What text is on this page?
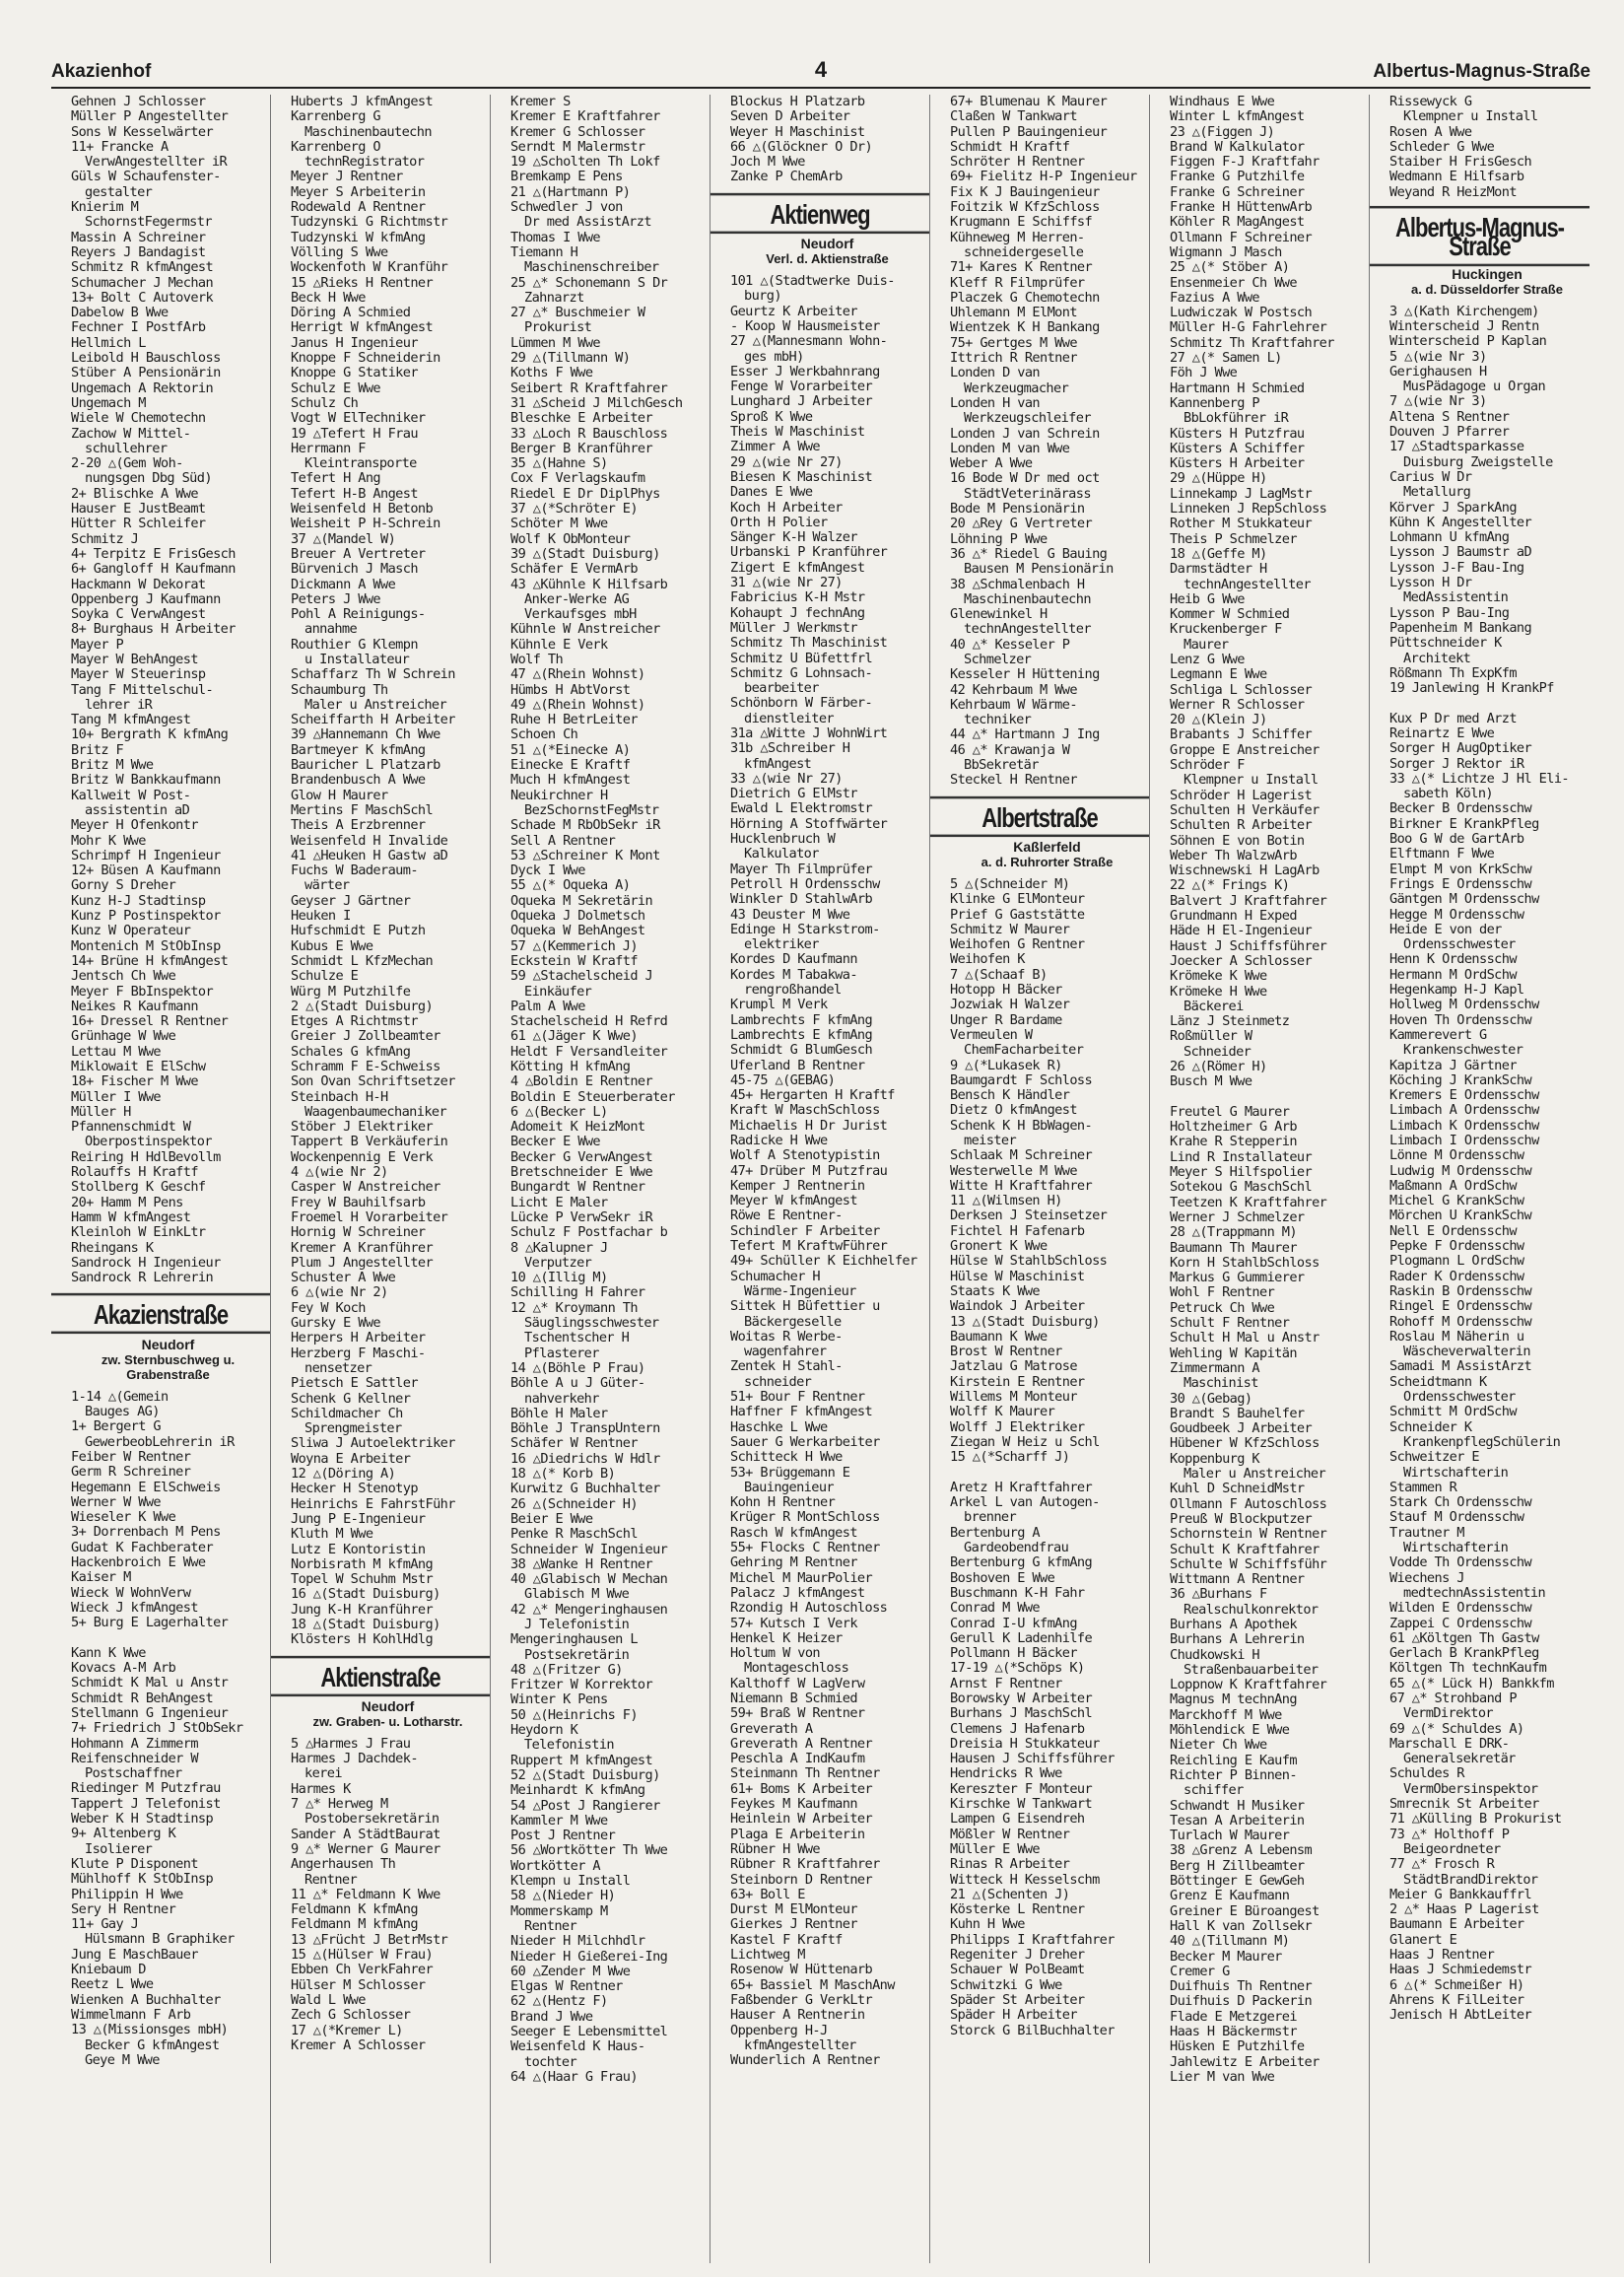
Akazienhof	4	Albertus-Magnus-Straße
Gehnen J Schlosser
Müller P Angestellter
Sons W Kesselwärter
11+ Francke A
VerwAngestellter iR
Güls W Schaufenster-
gestalter
Knierim M
SchornstFegermstr
Massin A Schreiner
Reyers J Bandagist
Schmitz R kfmAngest
Schumacher J Mechan
13+ Bolt C Autoverk
Dabelow B Wwe
Fechner I PostfArb
Hellmich L
Leibold H Bauschloss
Stüber A Pensionärin
Ungemach A Rektorin
Ungemach M
Wiele W Chemotechn
Zachow W Mittel-
schullehrer
2-20 △(Gem Woh-
nungsgen Dbg Süd)
2+ Blischke A Wwe
Hauser E JustBeamt
Hütter R Schleifer
Schmitz J
4+ Terpitz E FrisGesch
6+ Gangloff H Kaufmann
Hackmann W Dekorat
Oppenberg J Kaufmann
Soyka C VerwAngest
8+ Burghaus H Arbeiter
Mayer P
Mayer W BehAngest
Mayer W Steuerinsp
Tang F Mittelschul-
lehrer iR
Tang M kfmAngest
10+ Bergrath K kfmAng
Britz F
Britz M Wwe
Britz W Bankkaufmann
Kallweit W Post-
assistentin aD
Meyer H Ofenkontr
Mohr K Wwe
Schrimpf H Ingenieur
12+ Büsen A Kaufmann
Gorny S Dreher
Kunz H-J Stadtinsp
Kunz P Postinspektor
Kunz W Operateur
Montenich M StObInsp
14+ Brüne H kfmAngest
Jentsch Ch Wwe
Meyer F BbInspektor
Neikes R Kaufmann
16+ Dressel R Rentner
Grünhage W Wwe
Lettau M Wwe
Miklowait E ElSchw
18+ Fischer M Wwe
Müller I Wwe
Müller H
Pfannenschmidt W
Oberpostinspektor
Reiring H HdlBevollm
Rolauffs H Kraftf
Stollberg K Geschf
20+ Hamm M Pens
Hamm W kfmAngest
Kleinloh W EinkLtr
Rheingans K
Sandrock H Ingenieur
Sandrock R Lehrerin
Akazienstraße
Neudorf
zw. Sternbuschweg u. Grabenstraße
1-14 △(Gemein
Bauges AG)
1+ Bergert G
GewerbeobLehrerin iR
Feiber W Rentner
Germ R Schreiner
Hegemann E ElSchweis
Werner W Wwe
Wieseler K Wwe
3+ Dorrenbach M Pens
Gudat K Fachberater
Hackenbroich E Wwe
Kaiser M
Wieck W WohnVerw
Wieck J kfmAngest
5+ Burg E Lagerhalter

Kann K Wwe
Kovacs A-M Arb
Schmidt K Mal u Anstr
Schmidt R BehAngest
Stellmann G Ingenieur
7+ Friedrich J StObSekr
Hohmann A Zimmerm
Reifenschneider W
Postschaffner
Riedinger M Putzfrau
Tappert J Telefonist
Weber K H Stadtinsp
9+ Altenberg K
Isolierer
Klute P Disponent
Mühlhoff K StObInsp
Philippin H Wwe
Sery H Rentner
11+ Gay J
Hülsmann B Graphiker
Jung E MaschBauer
Kniebaum D
Reetz L Wwe
Wienken A Buchhalter
Wimmelmann F Arb
13 △(Missionsges mbH)
Becker G kfmAngest
Geye M Wwe
Huberts J kfmAngest
Karrenberg G
Maschinenbautechn
Karrenberg O
technRegistrator
Meyer J Rentner
Meyer S Arbeiterin
Rodewald A Rentner
Tudzynski G Richtmstr
Tudzynski W kfmAng
Völling S Wwe
Wockenfoth W Kranführ
15 △Rieks H Rentner
Beck H Wwe
Döring A Schmied
Herrigt W kfmAngest
Janus H Ingenieur
Knoppe F Schneiderin
Knoppe G Statiker
Schulz E Wwe
Schulz Ch
Vogt W ElTechniker
19 △Tefert H Frau
Herrmann F
Kleintransporte
Tefert H Ang
Tefert H-B Angest
Weisenfeld H Betonb
Weisheit P H-Schrein
37 △(Mandel W)
Breuer A Vertreter
Bürvenich J Masch
Dickmann A Wwe
Peters J Wwe
Pohl A Reinigungs-
annahme
Routhier G Klempn
u Installateur
Schaffarz Th W Schrein
Schaumburg Th
Maler u Anstreicher
Scheiffarth H Arbeiter
39 △Hannemann Ch Wwe
Bartmeyer K kfmAng
Bauricher L Platzarb
Brandenbusch A Wwe
Glow H Maurer
Mertins F MaschSchl
Theis A Erzbrenner
Weisenfeld H Invalide
41 △Heuken H Gastw aD
Fuchs W Baderaum-
wärter
Geyser J Gärtner
Heuken I
Hufschmidt E Putzh
Kubus E Wwe
Schmidt L KfzMechan
Schulze E
Würg M Putzhilfe
2 △(Stadt Duisburg)
Etges A Richtmstr
Greier J Zollbeamter
Schales G kfmAng
Schramm F E-Schweiss
Son Ovan Schriftsetzer
Steinbach H-H
Waagenbaumechaniker
Stöber J Elektriker
Tappert B Verkäuferin
Wockenpennig E Verk
4 △(wie Nr 2)
Casper W Anstreicher
Frey W Bauhilfsarb
Froemel H Vorarbeiter
Hornig W Schreiner
Kremer A Kranführer
Plum J Angestellter
Schuster A Wwe
6 △(wie Nr 2)
Fey W Koch
Gursky E Wwe
Herpers H Arbeiter
Herzberg F Maschi-
nensetzer
Pietsch E Sattler
Schenk G Kellner
Schildmacher Ch
Sprengmeister
Sliwa J Autoelektriker
Woyna E Arbeiter
12 △(Döring A)
Hecker H Stenotyp
Heinrichs E FahrstFühr
Jung P E-Ingenieur
Kluth M Wwe
Lutz E Kontoristin
Norbisrath M kfmAng
Topel W Schuhm Mstr
16 △(Stadt Duisburg)
Jung K-H Kranführer
18 △(Stadt Duisburg)
Klösters H KohlHdlg
Aktienstraße
Neudorf
zw. Graben- u. Lotharstr.
5 △Harmes J Frau
Harmes J Dachdek-
kerei
Harmes K
7 △* Herweg M
Postobersekretärin
Sander A StädtBaurat
9 △* Werner G Maurer
Angerhausen Th
Rentner
11 △* Feldmann K Wwe
Feldmann K kfmAng
Feldmann M kfmAng
13 △Frücht J BetrMstr
15 △(Hülser W Frau)
Ebben Ch VerkFahrer
Hülser M Schlosser
Wald L Wwe
Zech G Schlosser
17 △(*Kremer L)
Kremer A Schlosser
Kremer S
Kremer E Kraftfahrer
Kremer G Schlosser
Serndt M Malermstr
19 △Scholten Th Lokf
Bremkamp E Pens
21 △(Hartmann P)
Schwedler J von
Dr med AssistArzt
Thomas I Wwe
Tiemann H
Maschinenschreiber
25 △* Schonemann S Dr
Zahnarzt
27 △* Buschmeier W
Prokurist
Lümmen M Wwe
29 △(Tillmann W)
Koths F Wwe
Seibert R Kraftfahrer
31 △Scheid J MilchGesch
Bleschke E Arbeiter
33 △Loch R Bauschloss
Berger B Kranführer
35 △(Hahne S)
Cox F Verlagskaufm
Riedel E Dr DiplPhys
37 △(*Schröter E)
Schöter M Wwe
Wolf K ObMonteur
39 △(Stadt Duisburg)
Schäfer E VermArb
43 △Kühnle K Hilfsarb
Anker-Werke AG
Verkaufsges mbH
Kühnle W Anstreicher
Kühnle E Verk
Wolf Th
47 △(Rhein Wohnst)
Hümbs H AbtVorst
49 △(Rhein Wohnst)
Ruhe H BetrLeiter
Schoen Ch
51 △(*Einecke A)
Einecke E Kraftf
Much H kfmAngest
Neukirchner H
BezSchornstFegMstr
Schade M RbObSekr iR
Sell A Rentner
53 △Schreiner K Mont
Dyck I Wwe
55 △(* Oqueka A)
Oqueka M Sekretärin
Oqueka J Dolmetsch
Oqueka W BehAngest
57 △(Kemmerich J)
Eckstein W Kraftf
59 △Stachelscheid J
Einkäufer
Palm A Wwe
Stachelscheid H Refrd
61 △(Jäger K Wwe)
Heldt F Versandleiter
Kötting H kfmAng
4 △Boldin E Rentner
Boldin E Steuerberater
6 △(Becker L)
Adomeit K HeizMont
Becker E Wwe
Becker G VerwAngest
Bretschneider E Wwe
Bungardt W Rentner
Licht E Maler
Lücke P VerwSekr iR
Schulz F Postfachar b
8 △Kalupner J
Verputzer
10 △(Illig M)
Schilling H Fahrer
12 △* Kroymann Th
Säuglingsschwester
Tschentscher H
Pflasterer
14 △(Böhle P Frau)
Böhle A u J Güter-
nahverkehr
Böhle H Maler
Böhle J TranspUntern
Schäfer W Rentner
16 △Diedrichs W Hdlr
18 △(* Korb B)
Kurwitz G Buchhalter
26 △(Schneider H)
Beier E Wwe
Penke R MaschSchl
Schneider W Ingenieur
38 △Wanke H Rentner
40 △Glabisch W Mechan
Glabisch M Wwe
42 △* Mengeringhausen
J Telefonistin
Mengeringhausen L
Postsekretärin
48 △(Fritzer G)
Fritzer W Korrektor
Winter K Pens
50 △(Heinrichs F)
Heydorn K
Telefonistin
Ruppert M kfmAngest
52 △(Stadt Duisburg)
Meinhardt K kfmAng
54 △Post J Rangierer
Kammler M Wwe
Post J Rentner
56 △Wortkötter Th Wwe
Wortkötter A
Klempn u Install
58 △(Nieder H)
Mommerskamp M
Rentner
Nieder H Milchhdlr
Nieder H Gießerei-Ing
60 △Zender M Wwe
Elgas W Rentner
62 △(Hentz F)
Brand J Wwe
Seeger E Lebensmittel
Weisenfeld K Haus-
tochter
64 △(Haar G Frau)
Blockus H Platzarb
Seven D Arbeiter
Weyer H Maschinist
66 △(Glöckner O Dr)
Joch M Wwe
Zanke P ChemArb
Aktienweg
Neudorf
Verl. d. Aktienstraße
101 △(Stadtwerke Duis-
burg)
Geurtz K Arbeiter
- Koop W Hausmeister
27 △(Mannesmann Wohn-
ges mbH)
Esser J Werkbahnrang
Fenge W Vorarbeiter
Lunghard J Arbeiter
Sproß K Wwe
Theis W Maschinist
Zimmer A Wwe
29 △(wie Nr 27)
Biesen K Maschinist
Danes E Wwe
Koch H Arbeiter
Orth H Polier
Sänger K-H Walzer
Urbanski P Kranführer
Zigert E kfmAngest
31 △(wie Nr 27)
Fabricius K-H Mstr
Kohaupt J fechnAng
Müller J Werkmstr
Schmitz Th Maschinist
Schmitz U Büfettfrl
Schmitz G Lohnsach-
bearbeiter
Schönborn W Färber-
dienstleiter
31a △Witte J WohnWirt
31b △Schreiber H
kfmAngest
33 △(wie Nr 27)
Dietrich G ElMstr
Ewald L Elektromstr
Hörning A Stoffwärter
Hucklenbruch W
Kalkulator
Mayer Th Filmprüfer
Petroll H Ordensschw
Winkler D StahlwArb
43 Deuster M Wwe
Edinge H Starkstrom-
elektriker
Kordes D Kaufmann
Kordes M Tabakwa-
rengroßhandel
Krumpl M Verk
Lambrechts F kfmAng
Lambrechts E kfmAng
Schmidt G BlumGesch
Uferland B Rentner
45-75 △(GEBAG)
45+ Hergarten H Kraftf
Kraft W MaschSchloss
Michaelis H Dr Jurist
Radicke H Wwe
Wolf A Stenotypistin
47+ Drüber M Putzfrau
Kemper J Rentnerin
Meyer W kfmAngest
Röwe E Rentner-
Schindler F Arbeiter
Tefert M KraftwFührer
49+ Schüller K Eichhelfer
Schumacher H
Wärme-Ingenieur
Sittek H Büfettier u
Bäckergeselle
Woitas R Werbe-
wagenfahrer
Zentek H Stahl-
schneider
51+ Bour F Rentner
Haffner F kfmAngest
Haschke L Wwe
Sauer G Werkarbeiter
Schitteck H Wwe
53+ Brüggemann E
Bauingenieur
Kohn H Rentner
Krüger R MontSchloss
Rasch W kfmAngest
55+ Flocks C Rentner
Gehring M Rentner
Michel M MaurPolier
Palacz J kfmAngest
Rzondig H Autoschloss
57+ Kutsch I Verk
Henkel K Heizer
Holtum W von
Montageschloss
Kalthoff W LagVerw
Niemann B Schmied
59+ Braß W Rentner
Greverath A
Greverath A Rentner
Peschla A IndKaufm
Steinmann Th Rentner
61+ Boms K Arbeiter
Feykes M Kaufmann
Heinlein W Arbeiter
Plaga E Arbeiterin
Rübner H Wwe
Rübner R Kraftfahrer
Steinborn D Rentner
63+ Boll E
Durst M ElMonteur
Gierkes J Rentner
Kastel F Kraftf
Lichtweg M
Rosenow W Hüttenarb
65+ Bassiel M MaschAnw
Faßbender G VerkLtr
Hauser A Rentnerin
Oppenberg H-J
kfmAngestellter
Wunderlich A Rentner
67+ Blumenau K Maurer
Claßen W Tankwart
Pullen P Bauingenieur
Schmidt H Kraftf
Schröter H Rentner
69+ Fielitz H-P Ingenieur
Fix K J Bauingenieur
Foitzik W KfzSchloss
Krugmann E Schiffsf
Kühneweg M Herren-
schneidergeselle
71+ Kares K Rentner
Kleff R Filmprüfer
Placzek G Chemotechn
Uhlemann M ElMont
Wientzek K H Bankang
75+ Gertges M Wwe
Ittrich R Rentner
Londen D van
Werkzeugmacher
Londen H van
Werkzeugschleifer
Londen J van Schrein
Londen M van Wwe
Weber A Wwe
16 Bode W Dr med oct
StädtVeterinärass
Bode M Pensionärin
20 △Rey G Vertreter
Löhning P Wwe
36 △* Riedel G Bauing
Bausen M Pensionärin
38 △Schmalenbach H
Maschinenbautechn
Glenewinkel H
technAngestellter
40 △* Kesseler P
Schmelzer
Kesseler H Hüttening
42 Kehrbaum M Wwe
Kehrbaum W Wärme-
techniker
44 △* Hartmann J Ing
46 △* Krawanja W
BbSekretär
Steckel H Rentner
Albertstraße
Kaßlerfeld
a. d. Ruhrorter Straße
5 △(Schneider M)
Klinke G ElMonteur
Prief G Gaststätte
Schmitz W Maurer
Weihofen G Rentner
Weihofen K
7 △(Schaaf B)
Hotopp H Bäcker
Jozwiak H Walzer
Unger R Bardame
Vermeulen W
ChemFacharbeiter
9 △(*Lukasek R)
Baumgardt F Schloss
Bensch K Händler
Dietz O kfmAngest
Schenk K H BbWagen-
meister
Schlaak M Schreiner
Westerwelle M Wwe
Witte H Kraftfahrer
11 △(Wilmsen H)
Derksen J Steinsetzer
Fichtel H Fafenarb
Gronert K Wwe
Hülse W StahlbSchloss
Hülse W Maschinist
Staats K Wwe
Waindok J Arbeiter
13 △(Stadt Duisburg)
Baumann K Wwe
Brost W Rentner
Jatzlau G Matrose
Kirstein E Rentner
Willems M Monteur
Wolff K Maurer
Wolff J Elektriker
Ziegan W Heiz u Schl
15 △(*Scharff J)

Aretz H Kraftfahrer
Arkel L van Autogen-
brenner
Bertenburg A
Gardeobendfrau
Bertenburg G kfmAng
Boshoven E Wwe
Buschmann K-H Fahr
Conrad M Wwe
Conrad I-U kfmAng
Gerull K Ladenhilfe
Pollmann H Bäcker
17-19 △(*Schöps K)
Arnst F Rentner
Borowsky W Arbeiter
Burhans J MaschSchl
Clemens J Hafenarb
Dreisia H Stukkateur
Hausen J Schiffsführer
Hendricks R Wwe
Kereszter F Monteur
Kirschke W Tankwart
Lampen G Eisendreh
Mößler W Rentner
Müller E Wwe
Rinas R Arbeiter
Witteck H Kesselschm
21 △(Schenten J)
Kösterke L Rentner
Kuhn H Wwe
Philipps I Kraftfahrer
Regeniter J Dreher
Schauer W PolBeamt
Schwitzki G Wwe
Späder St Arbeiter
Späder H Arbeiter
Storck G BilBuchhalter
Windhaus E Wwe
Winter L kfmAngest
23 △(Figgen J)
Brand W Kalkulator
Figgen F-J Kraftfahr
Franke G Putzhilfe
Franke G Schreiner
Franke H HüttenwArb
Köhler R MagAngest
Ollmann F Schreiner
Wigmann J Masch
25 △(* Stöber A)
Ensenmeier Ch Wwe
Fazius A Wwe
Ludwiczak W Postsch
Müller H-G Fahrlehrer
Schmitz Th Kraftfahrer
27 △(* Samen L)
Föh J Wwe
Hartmann H Schmied
Kannenberg P
BbLokführer iR
Küsters H Putzfrau
Küsters A Schiffer
Küsters H Arbeiter
29 △(Hüppe H)
Linnekamp J LagMstr
Linneken J RepSchloss
Rother M Stukkateur
Theis P Schmelzer
18 △(Geffe M)
Darmstädter H
technAngestellter
Heib G Wwe
Kommer W Schmied
Kruckenberger F
Maurer
Lenz G Wwe
Legmann E Wwe
Schliga L Schlosser
Werner R Schlosser
20 △(Klein J)
Brabants J Schiffer
Groppe E Anstreicher
Schröder F
Klempner u Install
Schröder H Lagerist
Schulten H Verkäufer
Schulten R Arbeiter
Söhnen E von Botin
Weber Th WalzwArb
Wischnewski H LagArb
22 △(* Frings K)
Balvert J Kraftfahrer
Grundmann H Exped
Häde H El-Ingenieur
Haust J Schiffsführer
Joecker A Schlosser
Krömeke K Wwe
Krömeke H Wwe
Bäckerei
Länz J Steinmetz
Roßmüller W
Schneider
26 △(Römer H)
Busch M Wwe

Freutel G Maurer
Holtzheimer G Arb
Krahe R Stepperin
Lind R Installateur
Meyer S Hilfspolier
Sotekou G MaschSchl
Teetzen K Kraftfahrer
Werner J Schmelzer
28 △(Trappmann M)
Baumann Th Maurer
Korn H StahlbSchloss
Markus G Gummierer
Wohl F Rentner
Petruck Ch Wwe
Schult F Rentner
Schult H Mal u Anstr
Wehling W Kapitän
Zimmermann A
Maschinist
30 △(Gebag)
Brandt S Bauhelfer
Goudbeek J Arbeiter
Hübener W KfzSchloss
Koppenburg K
Maler u Anstreicher
Kuhl D SchneidMstr
Ollmann F Autoschloss
Preuß W Blockputzer
Schornstein W Rentner
Schult K Kraftfahrer
Schulte W Schiffsführ
Wittmann A Rentner
36 △Burhans F
Realschulkonrektor
Burhans A Apothek
Burhans A Lehrerin
Chudkowski H
Straßenbauarbeiter
Loppnow K Kraftfahrer
Magnus M technAng
Marckhoff M Wwe
Möhlendick E Wwe
Nieter Ch Wwe
Reichling E Kaufm
Richter P Binnen-
schiffer
Schwandt H Musiker
Tesan A Arbeiterin
Turlach W Maurer
38 △Grenz A Lebensm
Berg H Zillbeamter
Böttinger E GewGeh
Grenz E Kaufmann
Greiner E Büroangest
Hall K van Zollsekr
40 △(Tillmann M)
Becker M Maurer
Cremer G
Duifhuis Th Rentner
Duifhuis D Packerin
Flade E Metzgerei
Haas H Bäckermstr
Hüsken E Putzhilfe
Jahlewitz E Arbeiter
Lier M van Wwe
Rissewyck G
Klempner u Install
Rosen A Wwe
Schleder G Wwe
Staiber H FrisGesch
Wedmann E Hilfsarb
Weyand R HeizMont
Albertus-Magnus-Straße
Huckingen
a. d. Düsseldorfer Straße
3 △(Kath Kirchengem)
Winterscheid J Rentn
Winterscheid P Kaplan
5 △(wie Nr 3)
Gerighausen H
MusPädagoge u Organ
7 △(wie Nr 3)
Altena S Rentner
Douven J Pfarrer
17 △Stadtsparkasse
Duisburg Zweigstelle
Carius W Dr
Metallurg
Körver J SparkAng
Kühn K Angestellter
Lohmann U kfmAng
Lysson J Baumstr aD
Lysson J-F Bau-Ing
Lysson H Dr
MedAssistentin
Lysson P Bau-Ing
Papenheim M Bankang
Püttschneider K
Architekt
Rößmann Th ExpKfm
19 Janlewing H KrankPf

Kux P Dr med Arzt
Reinartz E Wwe
Sorger H AugOptiker
Sorger J Rektor iR
33 △(* Lichtze J Hl Eli-
sabeth Köln)
Becker B Ordensschw
Birkner E KrankPfleg
Boo G W de GartArb
Elftmann F Wwe
Elmpt M von KrkSchw
Frings E Ordensschw
Gäntgen M Ordensschw
Hegge M Ordensschw
Heide E von der
Ordensschwester
Henn K Ordensschw
Hermann M OrdSchw
Hegenkamp H-J Kapl
Hollweg M Ordensschw
Hoven Th Ordensschw
Kammerevert G
Krankenschwester
Kapitza J Gärtner
Köching J KrankSchw
Kremers E Ordensschw
Limbach A Ordensschw
Limbach K Ordensschw
Limbach I Ordensschw
Lönne M Ordensschw
Ludwig M Ordensschw
Maßmann A OrdSchw
Michel G KrankSchw
Mörchen U KrankSchw
Nell E Ordensschw
Pepke F Ordensschw
Plogmann L OrdSchw
Rader K Ordensschw
Raskin B Ordensschw
Ringel E Ordensschw
Rohoff M Ordensschw
Roslau M Näherin u
Wäscheverwalterin
Samadi M AssistArzt
Scheidtmann K
Ordensschwester
Schmitt M OrdSchw
Schneider K
KrankenpflegSchülerin
Schweitzer E
Wirtschafterin
Stammen R
Stark Ch Ordensschw
Stauf M Ordensschw
Trautner M
Wirtschafterin
Vodde Th Ordensschw
Wiechens J
medtechnAssistentin
Wilden E Ordensschw
Zappei C Ordensschw
61 △Költgen Th Gastw
Gerlach B KrankPfleg
Költgen Th technKaufm
65 △(* Lück H) Bankkfm
67 △* Strohband P
VermDirektor
69 △(* Schuldes A)
Marschall E DRK-
Generalsekretär
Schuldes R
VermObersinspektor
Smrecnik St Arbeiter
71 △Külling B Prokurist
73 △* Holthoff P
Beigeordneter
77 △* Frosch R
StädtBrandDirektor
Meier G Bankkauffrl
2 △* Haas P Lagerist
Baumann E Arbeiter
Glanert E
Haas J Rentner
Haas J Schmiedemstr
6 △(* Schmeißer H)
Ahrens K FilLeiter
Jenisch H AbtLeiter
